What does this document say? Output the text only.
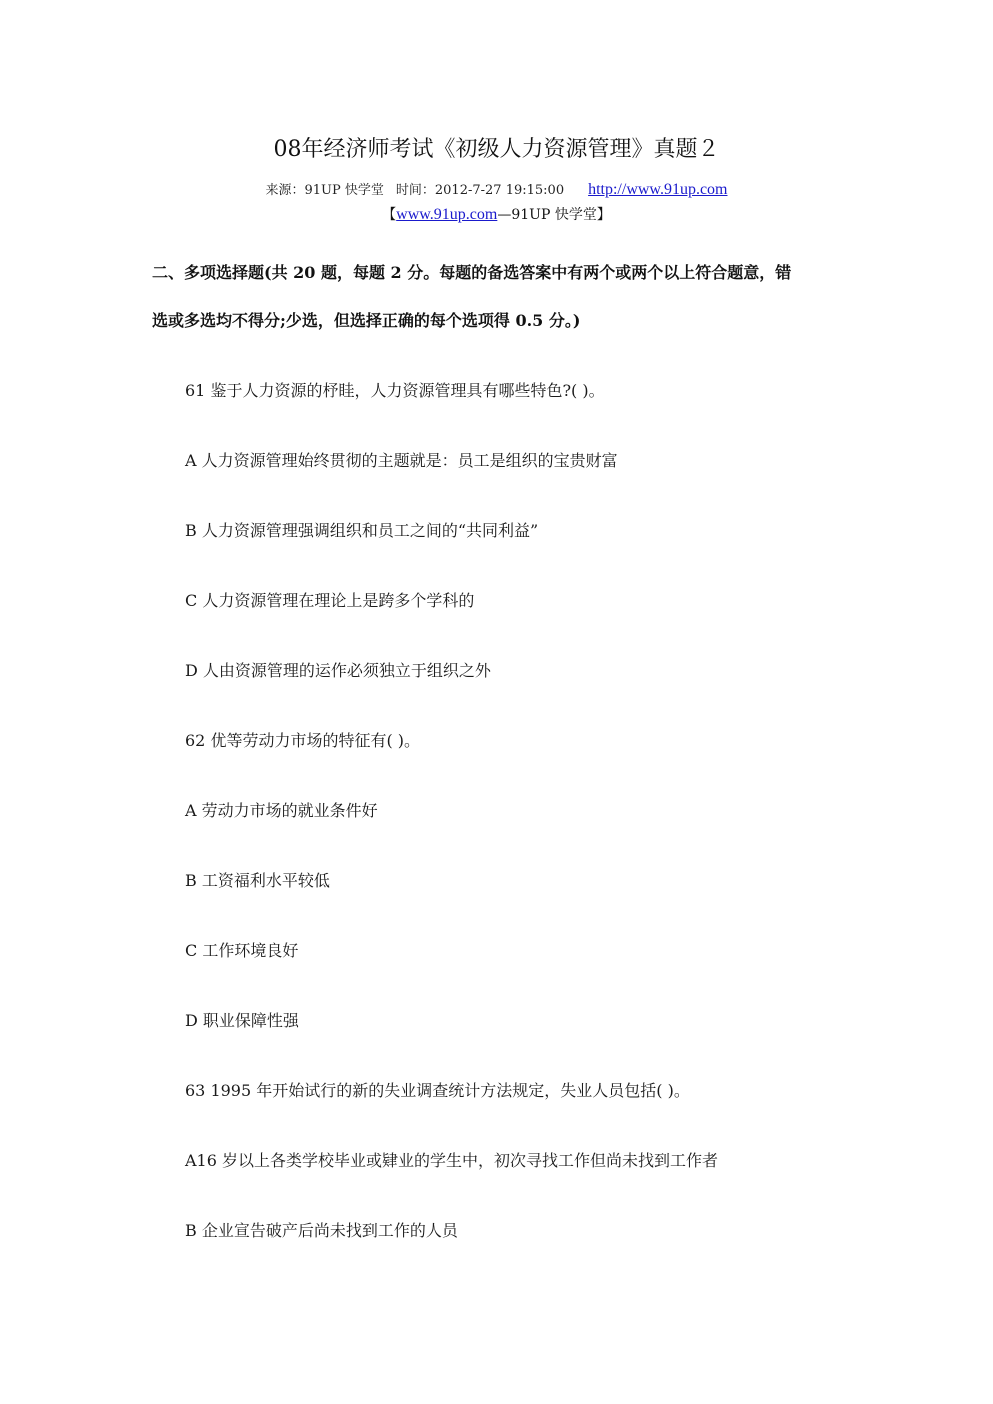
08年经济师考试《初级人力资源管理》真题２
来源：91UP 快学堂 时间：2012-7-27 19:15:00 http://www.91up.com
【www.91up.com—91UP 快学堂】
二、多项选择题(共 20 题，每题 2 分。每题的备选答案中有两个或两个以上符合题意，错
选或多选均不得分;少选，但选择正确的每个选项得 0.5 分。)
61 鉴于人力资源的杼眭，人力资源管理具有哪些特色?( )。
A 人力资源管理始终贯彻的主题就是：员工是组织的宝贵财富
B 人力资源管理强调组织和员工之间的“共同利益”
C 人力资源管理在理论上是跨多个学科的
D 人由资源管理的运作必须独立于组织之外
62 优等劳动力市场的特征有( )。
A 劳动力市场的就业条件好
B 工资福利水平较低
C 工作环境良好
D 职业保障性强
63 1995 年开始试行的新的失业调查统计方法规定，失业人员包括( )。
A16 岁以上各类学校毕业或肄业的学生中，初次寻找工作但尚未找到工作者
B 企业宣告破产后尚未找到工作的人员
